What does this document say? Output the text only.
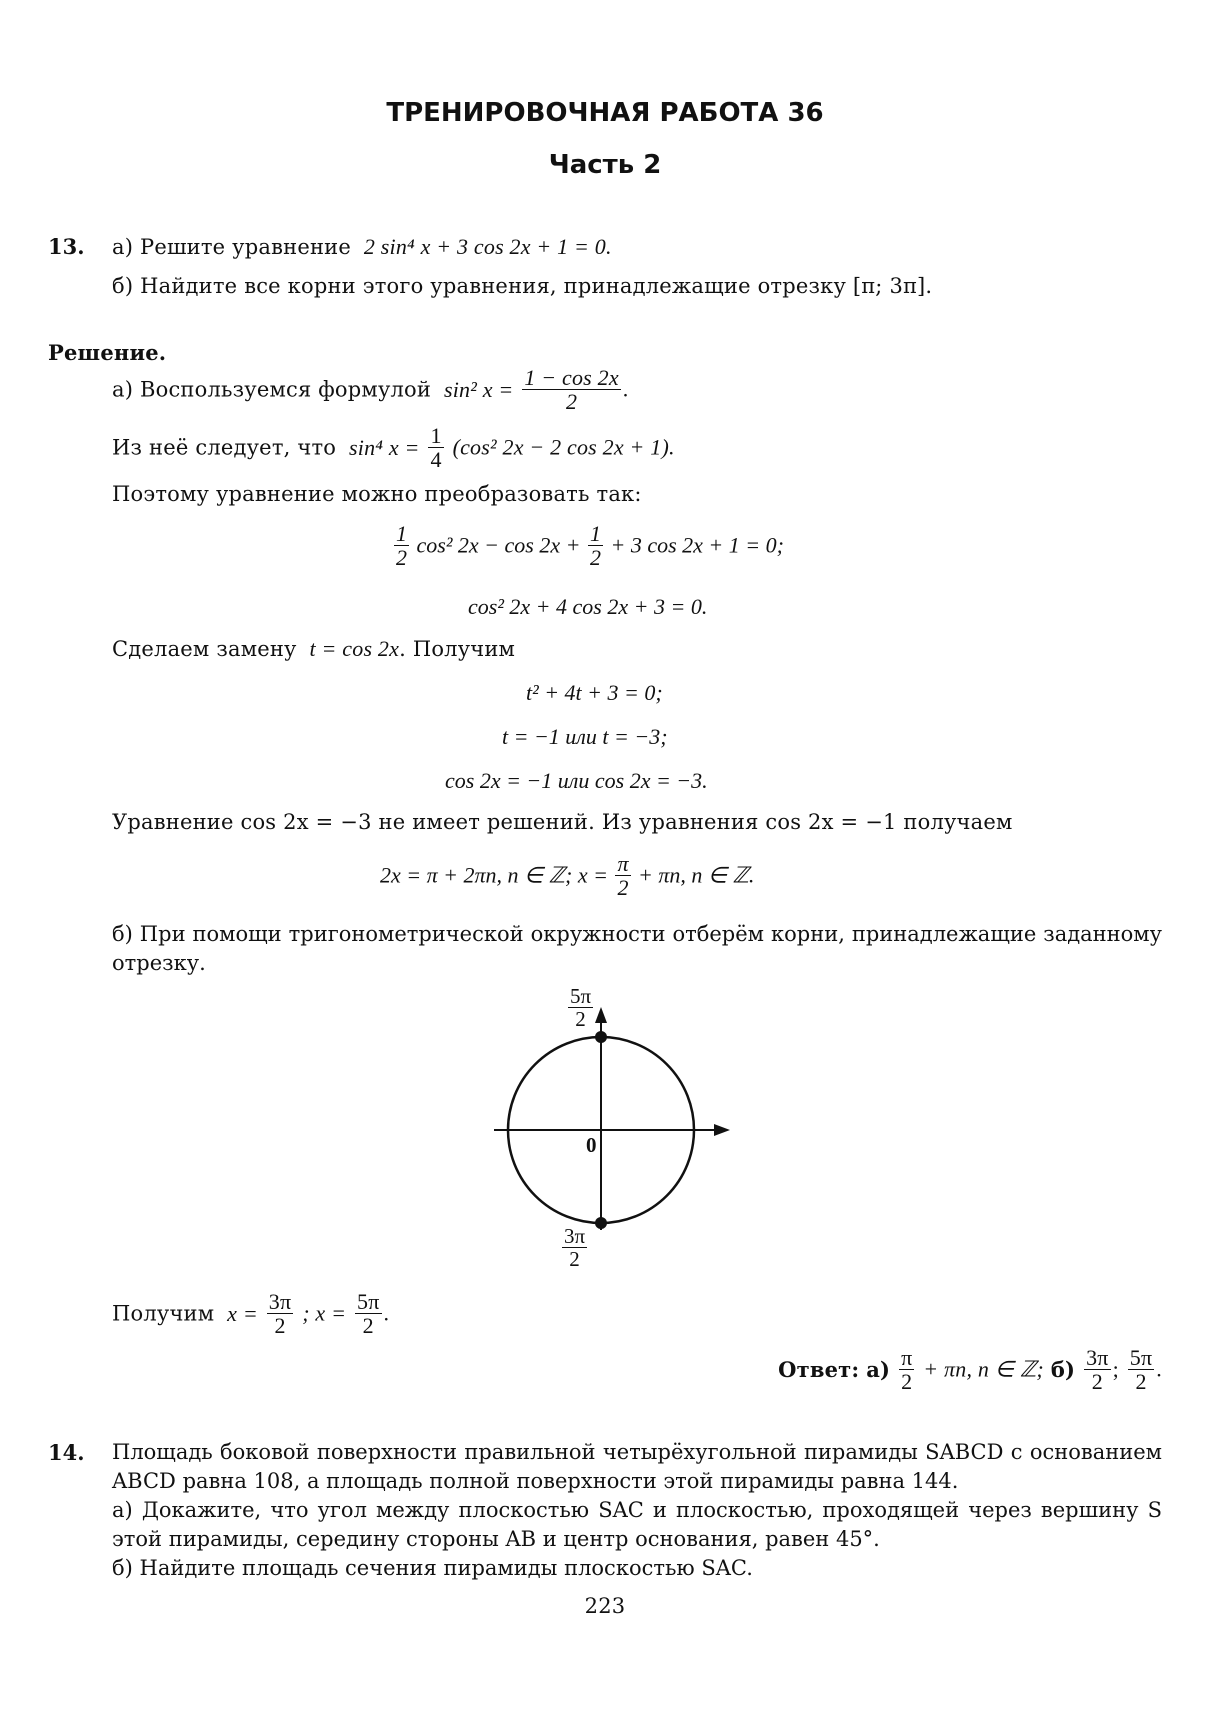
ТРЕНИРОВОЧНАЯ РАБОТА 36
Часть 2
13. а) Решите уравнение 2 sin⁴ x + 3 cos 2x + 1 = 0.
б) Найдите все корни этого уравнения, принадлежащие отрезку [π; 3π].
Решение.
а) Воспользуемся формулой sin² $x = \frac{1 - \cos 2x}{2}$ .
Из неё следует, что sin⁴ $x = \frac{1}{4} (\cos^2$ 2x − 2 cos 2x + 1).
Поэтому уравнение можно преобразовать так:
$\frac{1}{2} \cos^2$ $2x - \cos 2x + \frac{1}{2} + 3$ cos 2x + 1 = 0;
cos² 2x + 4 cos 2x + 3 = 0.
Сделаем замену t = cos 2x. Получим
t² + 4t + 3 = 0;
t = −1 или t = −3;
cos 2x = −1 или cos 2x = −3.
Уравнение cos 2x = −3 не имеет решений. Из уравнения cos 2x = −1 получаем
2x = π + 2πn, n ∈ ℤ; $x = \frac{\pi}{2} + \pi n$, n ∈ ℤ.
б) При помощи тригонометрической окружности отберём корни, принадлежащие заданному отрезку.
$\frac{5\pi}{2}$
0
$\frac{3\pi}{2}$
Получим $x = \frac{3\pi}{2}$ ; $x = \frac{5\pi}{2}$ .
Ответ: $а) \frac{\pi}{2} + \pi n$, n ∈ ℤ; $б) \frac{3\pi}{2}$ ; $\frac{5\pi}{2}$ .
14. Площадь боковой поверхности правильной четырёхугольной пирамиды SABCD с основанием ABCD равна 108, а площадь полной поверхности этой пирамиды равна 144.
а) Докажите, что угол между плоскостью SAC и плоскостью, проходящей через вершину S этой пирамиды, середину стороны AB и центр основания, равен 45°.
б) Найдите площадь сечения пирамиды плоскостью SAC.
223
